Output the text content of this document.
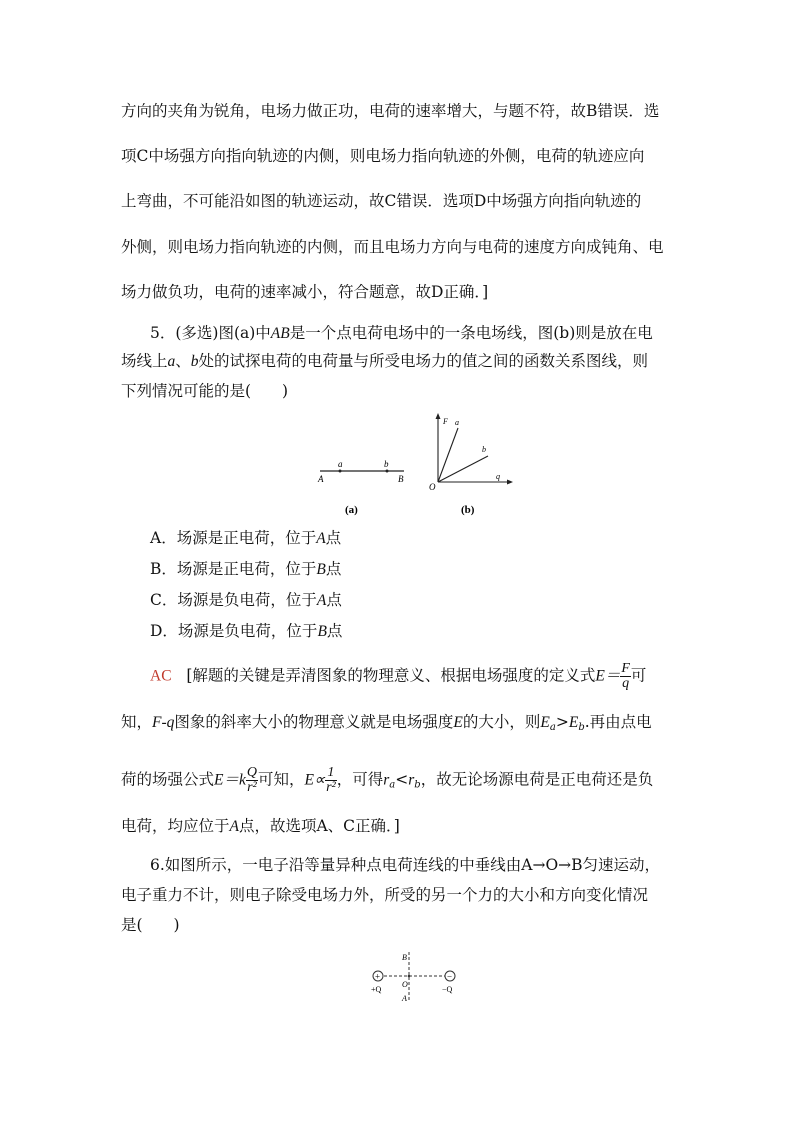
方向的夹角为锐角，电场力做正功，电荷的速率增大，与题不符，故B错误．选
项C中场强方向指向轨迹的内侧，则电场力指向轨迹的外侧，电荷的轨迹应向
上弯曲，不可能沿如图的轨迹运动，故C错误．选项D中场强方向指向轨迹的
外侧，则电场力指向轨迹的内侧，而且电场力方向与电荷的速度方向成钝角、电
场力做负功，电荷的速率减小，符合题意，故D正确．]
5．(多选)图(a)中AB是一个点电荷电场中的一条电场线，图(b)则是放在电
场线上a、b处的试探电荷的电荷量与所受电场力的值之间的函数关系图线，则
下列情况可能的是(　　)
a	b
A	B
(a)
F a
b
q
O
(b)
A．场源是正电荷，位于A点
B．场源是正电荷，位于B点
C．场源是负电荷，位于A点
D．场源是负电荷，位于B点
AC [解题的关键是弄清图象的物理意义、根据电场强度的定义式$E= \frac{F}{q}$ 可
知，F-q图象的斜率大小的物理意义就是电场强度E的大小，则$E_a>E_b$.再由点电
荷的场强公式$E=k \frac{Q}{\text{r²}}$ 可知，$E\propto \frac{1}{\text{r²}}$ ，可得$r_a<r_b$，故无论场源电荷是正电荷还是负
电荷，均应位于A点，故选项A、C正确．]
6.如图所示，一电子沿等量异种点电荷连线的中垂线由A→O→B匀速运动，
电子重力不计，则电子除受电场力外，所受的另一个力的大小和方向变化情况
是(　　)
+	−
+Q	−Q
B
O
A
